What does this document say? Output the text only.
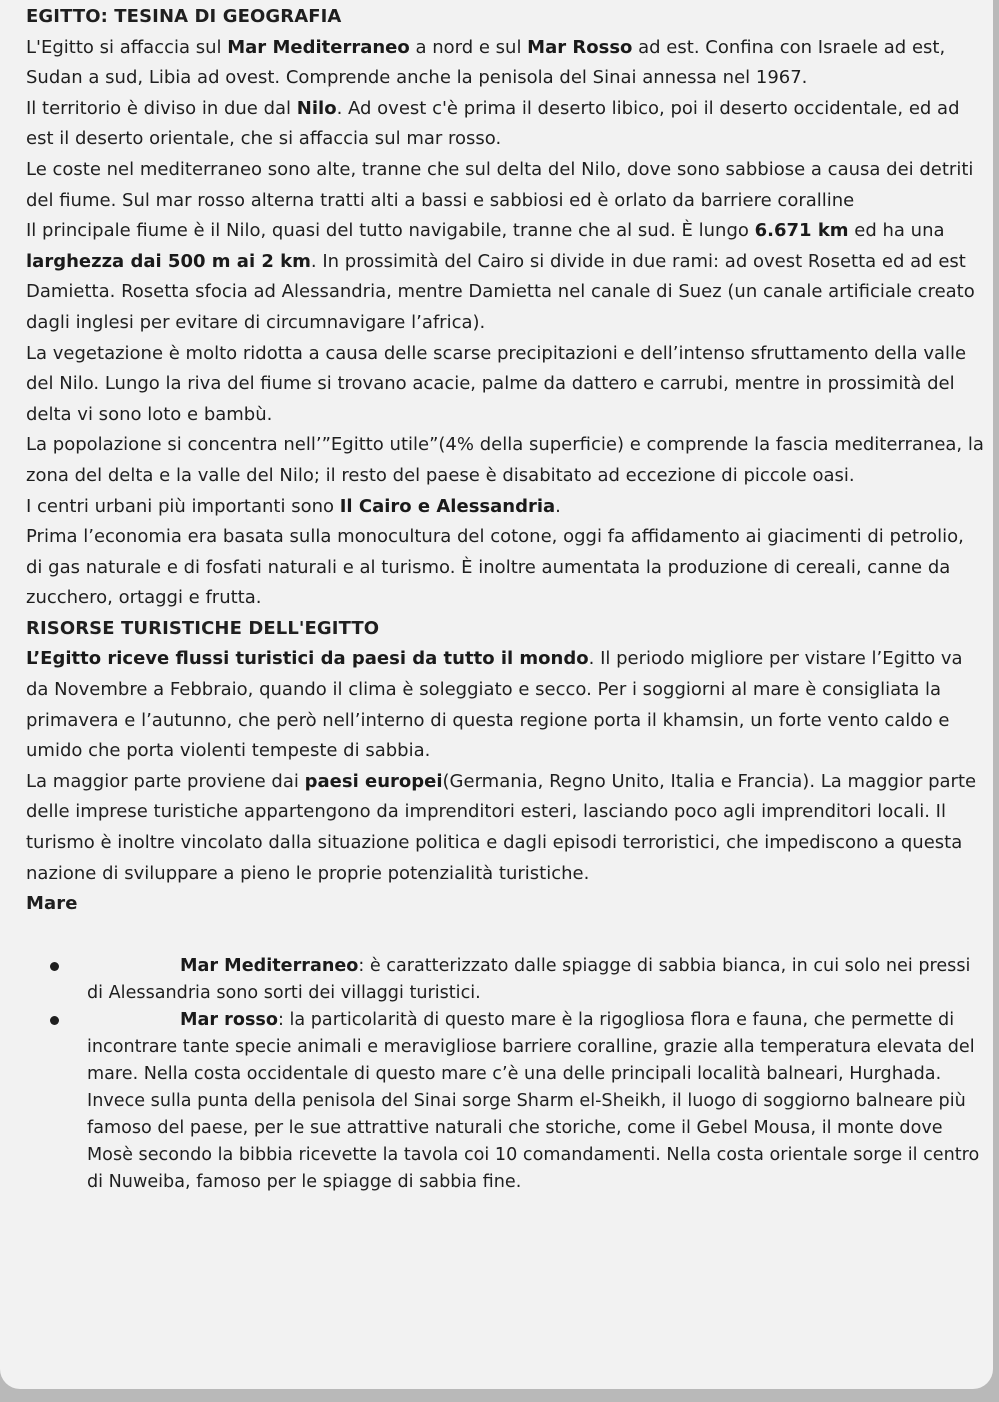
EGITTO: TESINA DI GEOGRAFIA

L'Egitto si affaccia sul Mar Mediterraneo a nord e sul Mar Rosso ad est. Confina con Israele ad est, Sudan a sud, Libia ad ovest. Comprende anche la penisola del Sinai annessa nel 1967.

Il territorio è diviso in due dal Nilo. Ad ovest c'è prima il deserto libico, poi il deserto occidentale, ed ad est il deserto orientale, che si affaccia sul mar rosso.

Le coste nel mediterraneo sono alte, tranne che sul delta del Nilo, dove sono sabbiose a causa dei detriti del fiume. Sul mar rosso alterna tratti alti a bassi e sabbiosi ed è orlato da barriere coralline

Il principale fiume è il Nilo, quasi del tutto navigabile, tranne che al sud. È lungo 6.671 km ed ha una larghezza dai 500 m ai 2 km. In prossimità del Cairo si divide in due rami: ad ovest Rosetta ed ad est Damietta. Rosetta sfocia ad Alessandria, mentre Damietta nel canale di Suez (un canale artificiale creato dagli inglesi per evitare di circumnavigare l’africa).

La vegetazione è molto ridotta a causa delle scarse precipitazioni e dell’intenso sfruttamento della valle del Nilo. Lungo la riva del fiume si trovano acacie, palme da dattero e carrubi, mentre in prossimità del delta vi sono loto e bambù.

La popolazione si concentra nell’”Egitto utile”(4% della superficie) e comprende la fascia mediterranea, la zona del delta e la valle del Nilo; il resto del paese è disabitato ad eccezione di piccole oasi.

I centri urbani più importanti sono Il Cairo e Alessandria.

Prima l’economia era basata sulla monocultura del cotone, oggi fa affidamento ai giacimenti di petrolio, di gas naturale e di fosfati naturali e al turismo. È inoltre aumentata la produzione di cereali, canne da zucchero, ortaggi e frutta.

RISORSE TURISTICHE DELL'EGITTO

L’Egitto riceve flussi turistici da paesi da tutto il mondo. Il periodo migliore per vistare l’Egitto va da Novembre a Febbraio, quando il clima è soleggiato e secco. Per i soggiorni al mare è consigliata la primavera e l’autunno, che però nell’interno di questa regione porta il khamsin, un forte vento caldo e umido che porta violenti tempeste di sabbia.

La maggior parte proviene dai paesi europei(Germania, Regno Unito, Italia e Francia). La maggior parte delle imprese turistiche appartengono da imprenditori esteri, lasciando poco agli imprenditori locali. Il turismo è inoltre vincolato dalla situazione politica e dagli episodi terroristici, che impediscono a questa nazione di sviluppare a pieno le proprie potenzialità turistiche.

Mare
Mar Mediterraneo: è caratterizzato dalle spiagge di sabbia bianca, in cui solo nei pressi di Alessandria sono sorti dei villaggi turistici.
Mar rosso: la particolarità di questo mare è la rigogliosa flora e fauna, che permette di incontrare tante specie animali e meravigliose barriere coralline, grazie alla temperatura elevata del mare. Nella costa occidentale di questo mare c’è una delle principali località balneari, Hurghada. Invece sulla punta della penisola del Sinai sorge Sharm el-Sheikh, il luogo di soggiorno balneare più famoso del paese, per le sue attrattive naturali che storiche, come il Gebel Mousa, il monte dove Mosè secondo la bibbia ricevette la tavola coi 10 comandamenti. Nella costa orientale sorge il centro di Nuweiba, famoso per le spiagge di sabbia fine.
